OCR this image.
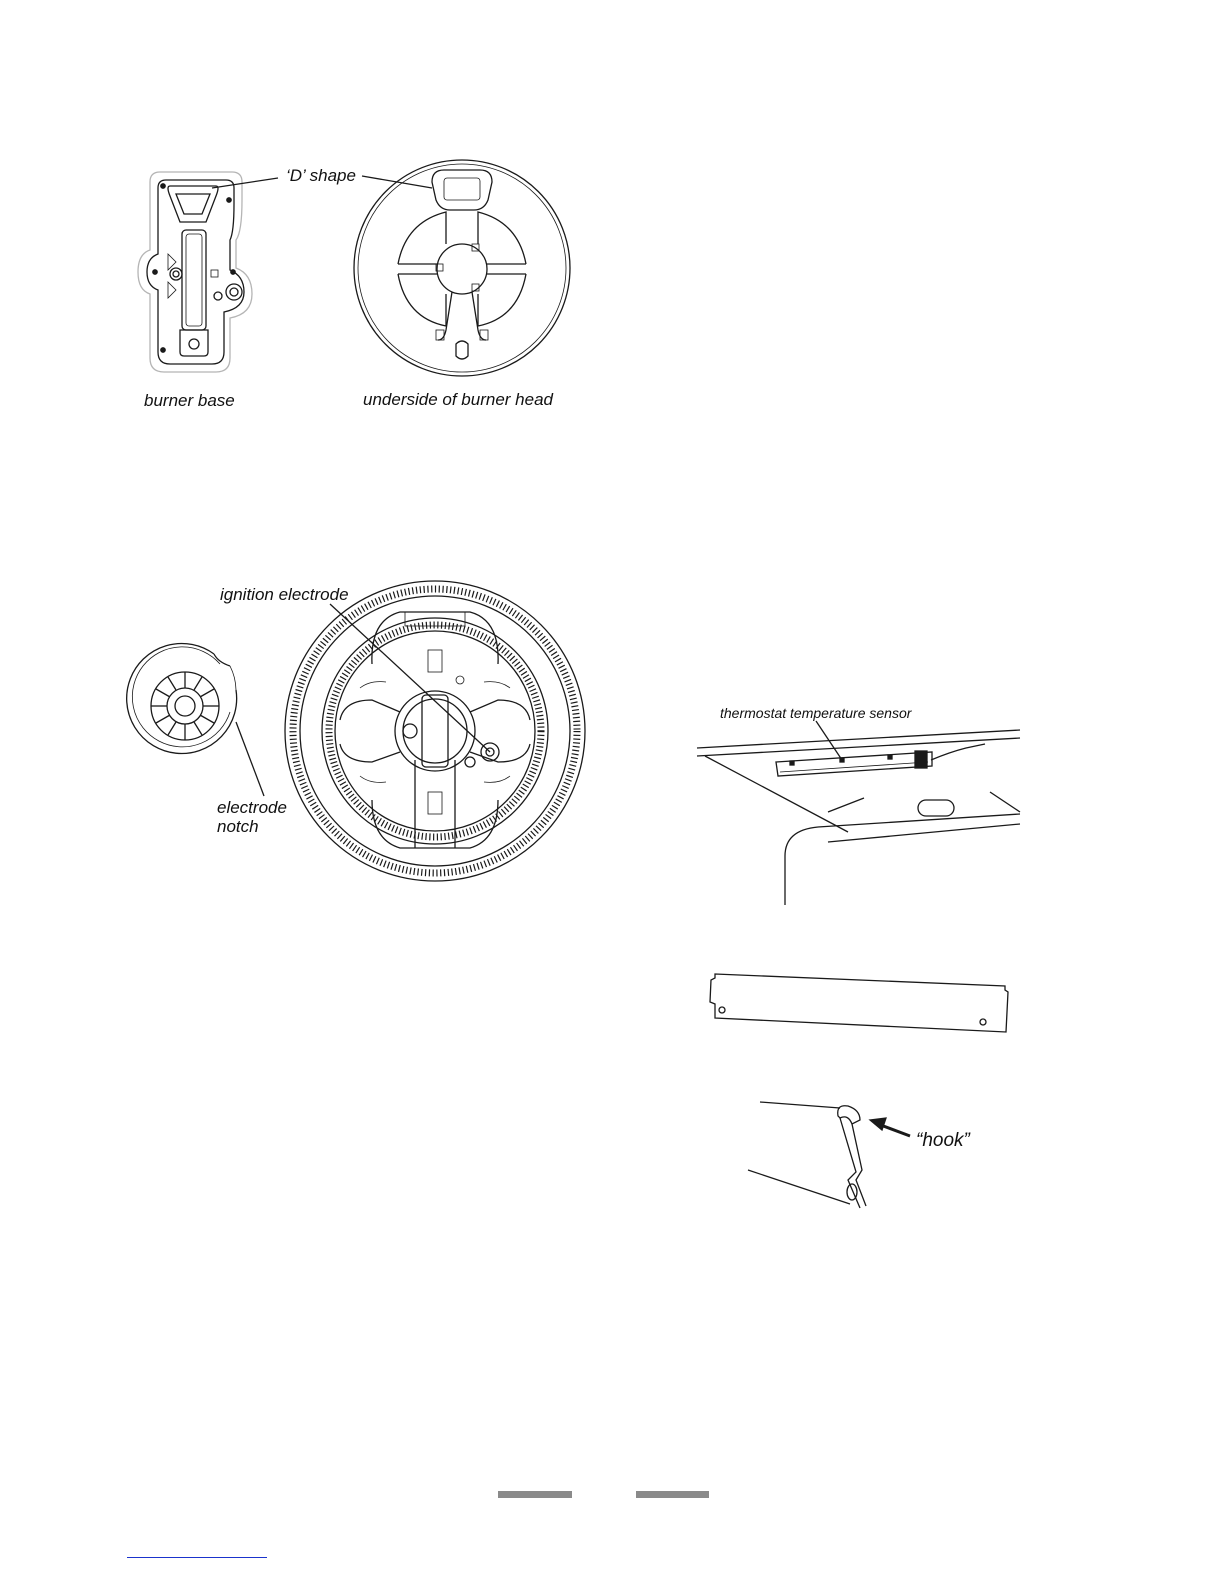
‘D’ shape
burner base	underside of burner head
ignition electrode
electrode
notch
thermostat temperature sensor
“hook”
